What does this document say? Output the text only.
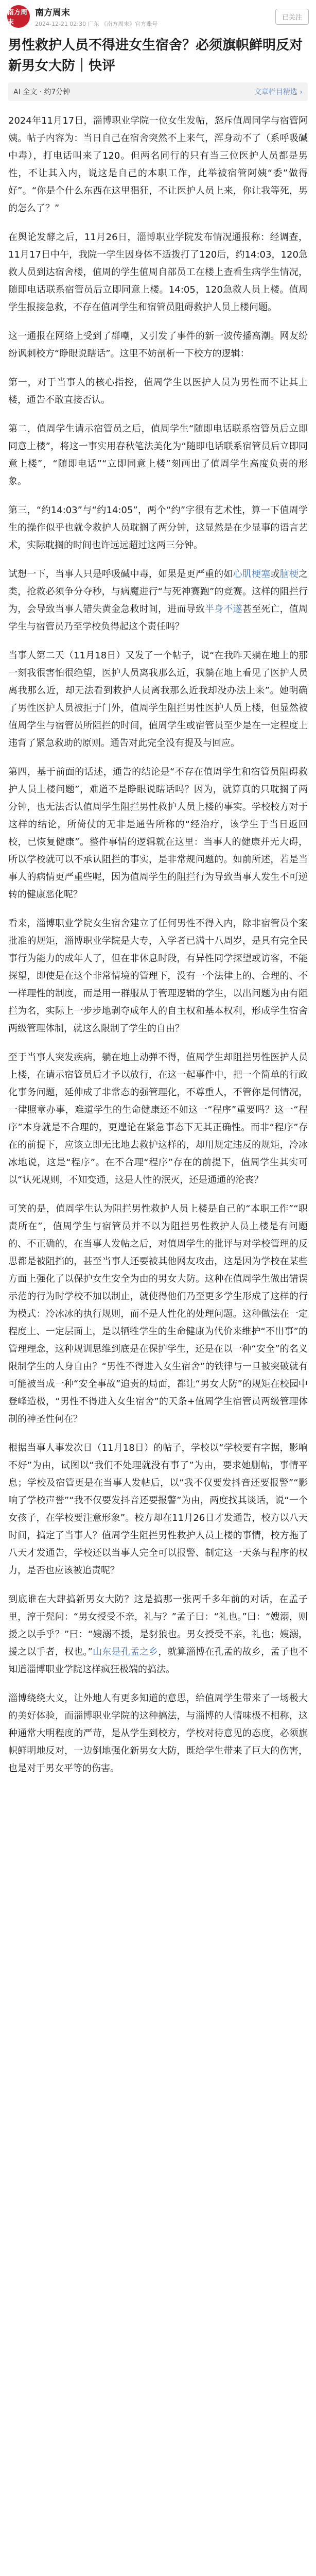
南方周末
南方周末
2024-12-21 02:30 广东 《南方周末》官方账号
已关注
男性救护人员不得进女生宿舍？必须旗帜鲜明反对新男女大防｜快评
AI 全文 · 约7分钟	文章栏目精选 ›

2024年11月17日，淄博职业学院一位女生发帖，怒斥值周同学与宿管阿姨。帖子内容为：当日自己在宿舍突然不上来气，浑身动不了（系呼吸碱中毒），打电话叫来了120。但两名同行的只有当三位医护人员都是男性，不让其入内，说这是自己的本职工作，此举被宿管阿姨“委”做得好”。“你是个什么东西在这里猖狂，不让医护人员上来，你让我等死，男的怎么了？”

在舆论发酵之后，11月26日，淄博职业学院发布情况通报称：经调查，11月17日中午，我院一学生因身体不适拨打了120后，约14:03，120急救人员到达宿舍楼，值周的学生值周自部员工在楼上查看生病学生情况，随即电话联系宿管员后立即同意上楼。14:05，120急救人员上楼。值周学生报接急救，不存在值周学生和宿管员阻碍救护人员上楼问题。

这一通报在网络上受到了群嘲，又引发了事件的新一波传播高潮。网友纷纷讽刺校方“睁眼说瞎话”。这里不妨剖析一下校方的逻辑：

第一，对于当事人的核心指控，值周学生以医护人员为男性而不让其上楼，通告不敢直接否认。

第二，值周学生请示宿管员之后，值周学生“随即电话联系宿管员后立即同意上楼”，将这一事实用春秋笔法美化为“随即电话联系宿管员后立即同意上楼”，“随即电话”“立即同意上楼”刻画出了值周学生高度负责的形象。

第三，“约14:03”与“约14:05”，两个“约”字很有艺术性，算一下值周学生的操作似乎也就令救护人员耽搁了两分钟，这显然是在少显事的语言艺术，实际耽搁的时间也许远远超过这两三分钟。

试想一下，当事人只是呼吸碱中毒，如果是更严重的如心肌梗塞或脑梗之类，抢救必须争分夺秒，与病魔进行“与死神赛跑”的竞赛。这样的阻拦行为，会导致当事人错失黄金急救时间，进而导致半身不遂甚至死亡，值周学生与宿管员乃至学校负得起这个责任吗？

当事人第二天（11月18日）又发了一个帖子，说“在我昨天躺在地上的那一刻我很害怕很绝望，医护人员离我那么近，我躺在地上看见了医护人员离我那么近，却无法看到救护人员离我那么近我却没办法上来”。她明确了男性医护人员被拒于门外，值周学生阻拦男性医护人员上楼，但显然被值周学生与宿管员所阻拦的时间，值周学生或宿管员至少是在一定程度上违背了紧急救助的原则。通告对此完全没有提及与回应。

第四，基于前面的话述，通告的结论是“不存在值周学生和宿管员阻碍救护人员上楼问题”，难道不是睁眼说瞎话吗？因为，就算真的只耽搁了两分钟，也无法否认值周学生阻拦男性救护人员上楼的事实。学校校方对于这样的结论，所倚仗的无非是通告所称的“经治疗，该学生于当日返回校，已恢复健康”。整件事情的逻辑就在这里：当事人的健康并无大碍，所以学校就可以不承认阻拦的事实，是非常规问题的。如前所述，若是当事人的病情更严重些呢，因为值周学生的阻拦行为导致当事人发生不可逆转的健康恶化呢？

看来，淄博职业学院女生宿舍建立了任何男性不得入内，除非宿管员个案批准的规矩，淄博职业学院是大专，入学者已满十八周岁，是具有完全民事行为能力的成年人了，但在非休息时段，有异性同学探望或访客，不能探望，即使是在这个非常情境的管理下，没有一个法律上的、合理的、不一样理性的制度，而是用一群服从于管理逻辑的学生，以出问题为由有阻拦为名，实际上一步步地剥夺成年人的自主权和基本权利，形成学生宿舍两级管理体制，就这么限制了学生的自由？

至于当事人突发疾病，躺在地上动弹不得，值周学生却阻拦男性医护人员上楼，在请示宿管员后才予以放行，在这一起事件中，把一个简单的行政化事务问题，延伸成了非常态的强管理化，不尊重人，不管你是何情况，一律照章办事，难道学生的生命健康还不如这一“程序”重要吗？这一“程序”本身就是不合理的，更遑论在紧急事态下无其正确性。而非“程序”存在的前提下，应该立即无比地去救护这样的，却用规定违反的规矩，冷冰冰地说，这是“程序”。在不合理“程序”存在的前提下，值周学生其实可以“认死规则，不知变通，这是人性的泯灭，还是通通的沦丧？

可笑的是，值周学生认为阻拦男性救护人员上楼是自己的“本职工作”“职责所在”，值周学生与宿管员并不以为阻拦男性救护人员上楼是有问题的、不正确的，在当事人发帖之后，对值周学生的批评与对学校管理的反思都是被阻挡的，甚至当事人还要被其他网友攻击，这是因为学校在某些方面上强化了以保护女生安全为由的男女大防。这种在值周学生做出错误示范的行为时学校不加以制止，就使得他们乃至更多学生形成了这样的行为模式：冷冰冰的执行规则，而不是人性化的处理问题。这种做法在一定程度上、一定层面上，是以牺牲学生的生命健康为代价来维护“不出事”的管理理念，这种规训思维到底是在保护学生，还是在以一种“安全”的名义限制学生的人身自由？“男性不得进入女生宿舍”的铁律与一旦被突破就有可能被当成一种“安全事故”追责的局面，都让“男女大防”的规矩在校园中登峰造极，“男性不得进入女生宿舍”的天条+值周学生宿管员两级管理体制的神圣性何在？

根据当事人事发次日（11月18日）的帖子，学校以“学校要有字据，影响不好”为由，试图以“我们不处理就没有事了”为由，要求她删帖，事情平息；学校及宿管更是在当事人发帖后，以“我不仅要发抖音还要报警”“影响了学校声誉”“我不仅要发抖音还要报警”为由，两度找其谈话，说“一个女孩子，在学校要注意形象”。校方却在11月26日才发通告，校方以八天时间，搞定了当事人？值周学生阻拦男性救护人员上楼的事情，校方拖了八天才发通告，学校还以当事人完全可以报警、制定这一天条与程序的权力，是否也应该被追责呢？

到底谁在大肆搞新男女大防？这是搞那一张两千多年前的对话，在孟子里，淳于髡问：“男女授受不亲，礼与？”孟子曰：“礼也。”曰：“嫂溺，则援之以手乎？”曰：“嫂溺不援，是豺狼也。男女授受不亲，礼也；嫂溺，援之以手者，权也。”山东是孔孟之乡，就算淄博在孔孟的故乡，孟子也不知道淄博职业学院这样疯狂极端的搞法。

淄博绕绕大义，让外地人有更多知道的意思，给值周学生带来了一场极大的美好体验，而淄博职业学院的这种搞法，与淄博的人情味极不相称，这种通常大明程度的严苛，是从学生到校方，学校对待意见的态度，必须旗帜鲜明地反对，一边倒地强化新男女大防，既给学生带来了巨大的伤害，也是对于男女平等的伤害。
